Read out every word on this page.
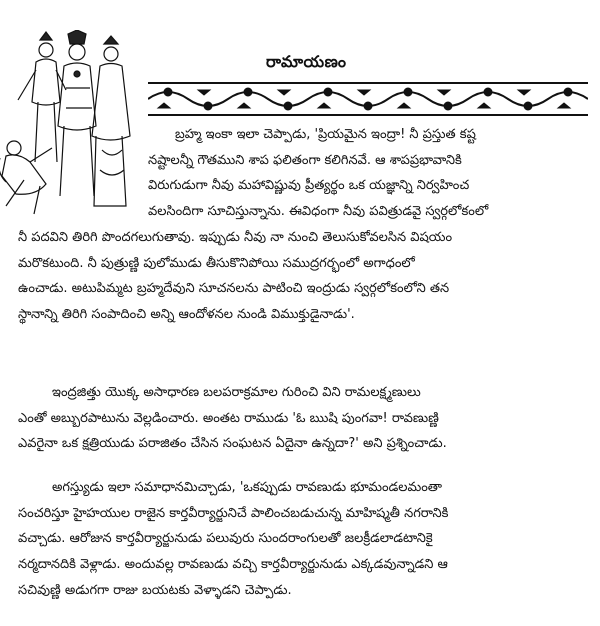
రామాయణం
బ్రహ్మ ఇంకా ఇలా చెప్పాడు, 'ప్రియమైన ఇంద్రా! నీ ప్రస్తుత కష్ట
నష్టాలన్నీ గౌతముని శాప ఫలితంగా కలిగినవే. ఆ శాపప్రభావానికి
విరుగుడుగా నీవు మహావిష్ణువు ప్రీత్యర్థం ఒక యజ్ఞాన్ని నిర్వహించ
వలసిందిగా సూచిస్తున్నాను. ఈవిధంగా నీవు పవిత్రుడవై స్వర్గలోకంలో
నీ పదవిని తిరిగి పొందగలుగుతావు. ఇప్పుడు నీవు నా నుంచి తెలుసుకోవలసిన విషయం
మరొకటుంది. నీ పుత్రుణ్ణి పులోముడు తీసుకొనిపోయి సముద్రగర్భంలో అగాధంలో
ఉంచాడు. అటుపిమ్మట బ్రహ్మదేవుని సూచనలను పాటించి ఇంద్రుడు స్వర్గలోకంలోని తన
స్థానాన్ని తిరిగి సంపాదించి అన్ని ఆందోళనల నుండి విముక్తుడైనాడు'.
ఇంద్రజిత్తు యొక్క అసాధారణ బలపరాక్రమాల గురించి విని రామలక్ష్మణులు
ఎంతో అబ్బురపాటును వెల్లడించారు. అంతట రాముడు 'ఓ ఋషి పుంగవా! రావణుణ్ణి
ఎవరైనా ఒక క్షత్రియుడు పరాజితం చేసిన సంఘటన ఏదైనా ఉన్నదా?' అని ప్రశ్నించాడు.
అగస్త్యుడు ఇలా సమాధానమిచ్చాడు, 'ఒకప్పుడు రావణుడు భూమండలమంతా
సంచరిస్తూ హైహయుల రాజైన కార్తవీర్యార్జునిచే పాలించబడుచున్న మాహిష్మతీ నగరానికి
వచ్చాడు. ఆరోజున కార్తవీర్యార్జునుడు పలువురు సుందరాంగులతో జలక్రీడలాడటానికై
నర్మదానదికి వెళ్లాడు. అందువల్ల రావణుడు వచ్చి కార్తవీర్యార్జునుడు ఎక్కడవున్నాడని ఆ
సచివుణ్ణి అడుగగా రాజు బయటకు వెళ్ళాడని చెప్పాడు.
